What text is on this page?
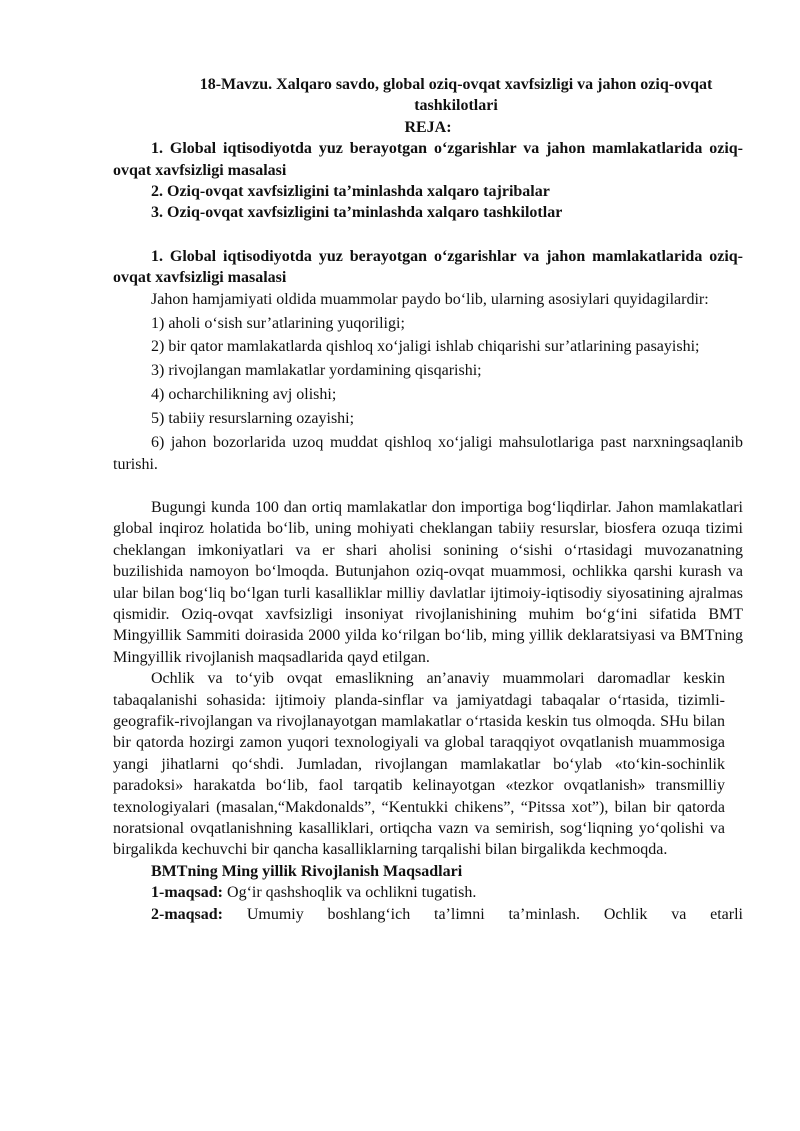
18-Mavzu. Xalqaro savdo, global oziq-ovqat xavfsizligi va jahon oziq-ovqat tashkilotlari

REJA:

1. Global iqtisodiyotda yuz berayotgan o‘zgarishlar va jahon mamlakatlarida oziq-ovqat xavfsizligi masalasi

2. Oziq-ovqat xavfsizligini ta’minlashda xalqaro tajribalar

3. Oziq-ovqat xavfsizligini ta’minlashda xalqaro tashkilotlar

1. Global iqtisodiyotda yuz berayotgan o‘zgarishlar va jahon mamlakatlarida oziq-ovqat xavfsizligi masalasi

Jahon hamjamiyati oldida muammolar paydo bo‘lib, ularning asosiylari quyidagilardir:

1) aholi o‘sish sur’atlarining yuqoriligi;

2) bir qator mamlakatlarda qishloq xo‘jaligi ishlab chiqarishi sur’atlarining pasayishi;

3) rivojlangan mamlakatlar yordamining qisqarishi;

4) ocharchilikning avj olishi;

5) tabiiy resurslarning ozayishi;

6) jahon bozorlarida uzoq muddat qishloq xo‘jaligi mahsulotlariga past narxningsaqlanib turishi.

Bugungi kunda 100 dan ortiq mamlakatlar don importiga bog‘liqdirlar. Jahon mamlakatlari global inqiroz holatida bo‘lib, uning mohiyati cheklangan tabiiy resurslar, biosfera ozuqa tizimi cheklangan imkoniyatlari va er shari aholisi sonining o‘sishi o‘rtasidagi muvozanatning buzilishida namoyon bo‘lmoqda. Butunjahon oziq-ovqat muammosi, ochlikka qarshi kurash va ular bilan bog‘liq bo‘lgan turli kasalliklar milliy davlatlar ijtimoiy-iqtisodiy siyosatining ajralmas qismidir. Oziq-ovqat xavfsizligi insoniyat rivojlanishining muhim bo‘g‘ini sifatida BMT Mingyillik Sammiti doirasida 2000 yilda ko‘rilgan bo‘lib, ming yillik deklaratsiyasi va BMTning Mingyillik rivojlanish maqsadlarida qayd etilgan.

Ochlik va to‘yib ovqat emaslikning an’anaviy muammolari daromadlar keskin tabaqalanishi sohasida: ijtimoiy planda-sinflar va jamiyatdagi tabaqalar o‘rtasida, tizimli-geografik-rivojlangan va rivojlanayotgan mamlakatlar o‘rtasida keskin tus olmoqda. SHu bilan bir qatorda hozirgi zamon yuqori texnologiyali va global taraqqiyot ovqatlanish muammosiga yangi jihatlarni qo‘shdi. Jumladan, rivojlangan mamlakatlar bo‘ylab «to‘kin-sochinlik paradoksi» harakatda bo‘lib, faol tarqatib kelinayotgan «tezkor ovqatlanish» transmilliy texnologiyalari (masalan,“Makdonalds”, “Kentukki chikens”, “Pitssa xot”), bilan bir qatorda noratsional ovqatlanishning kasalliklari, ortiqcha vazn va semirish, sog‘liqning yo‘qolishi va birgalikda kechuvchi bir qancha kasalliklarning tarqalishi bilan birgalikda kechmoqda.

BMTning Ming yillik Rivojlanish Maqsadlari

1-maqsad: Og‘ir qashshoqlik va ochlikni tugatish.

2-maqsad: Umumiy boshlang‘ich ta’limni ta’minlash. Ochlik va etarli
